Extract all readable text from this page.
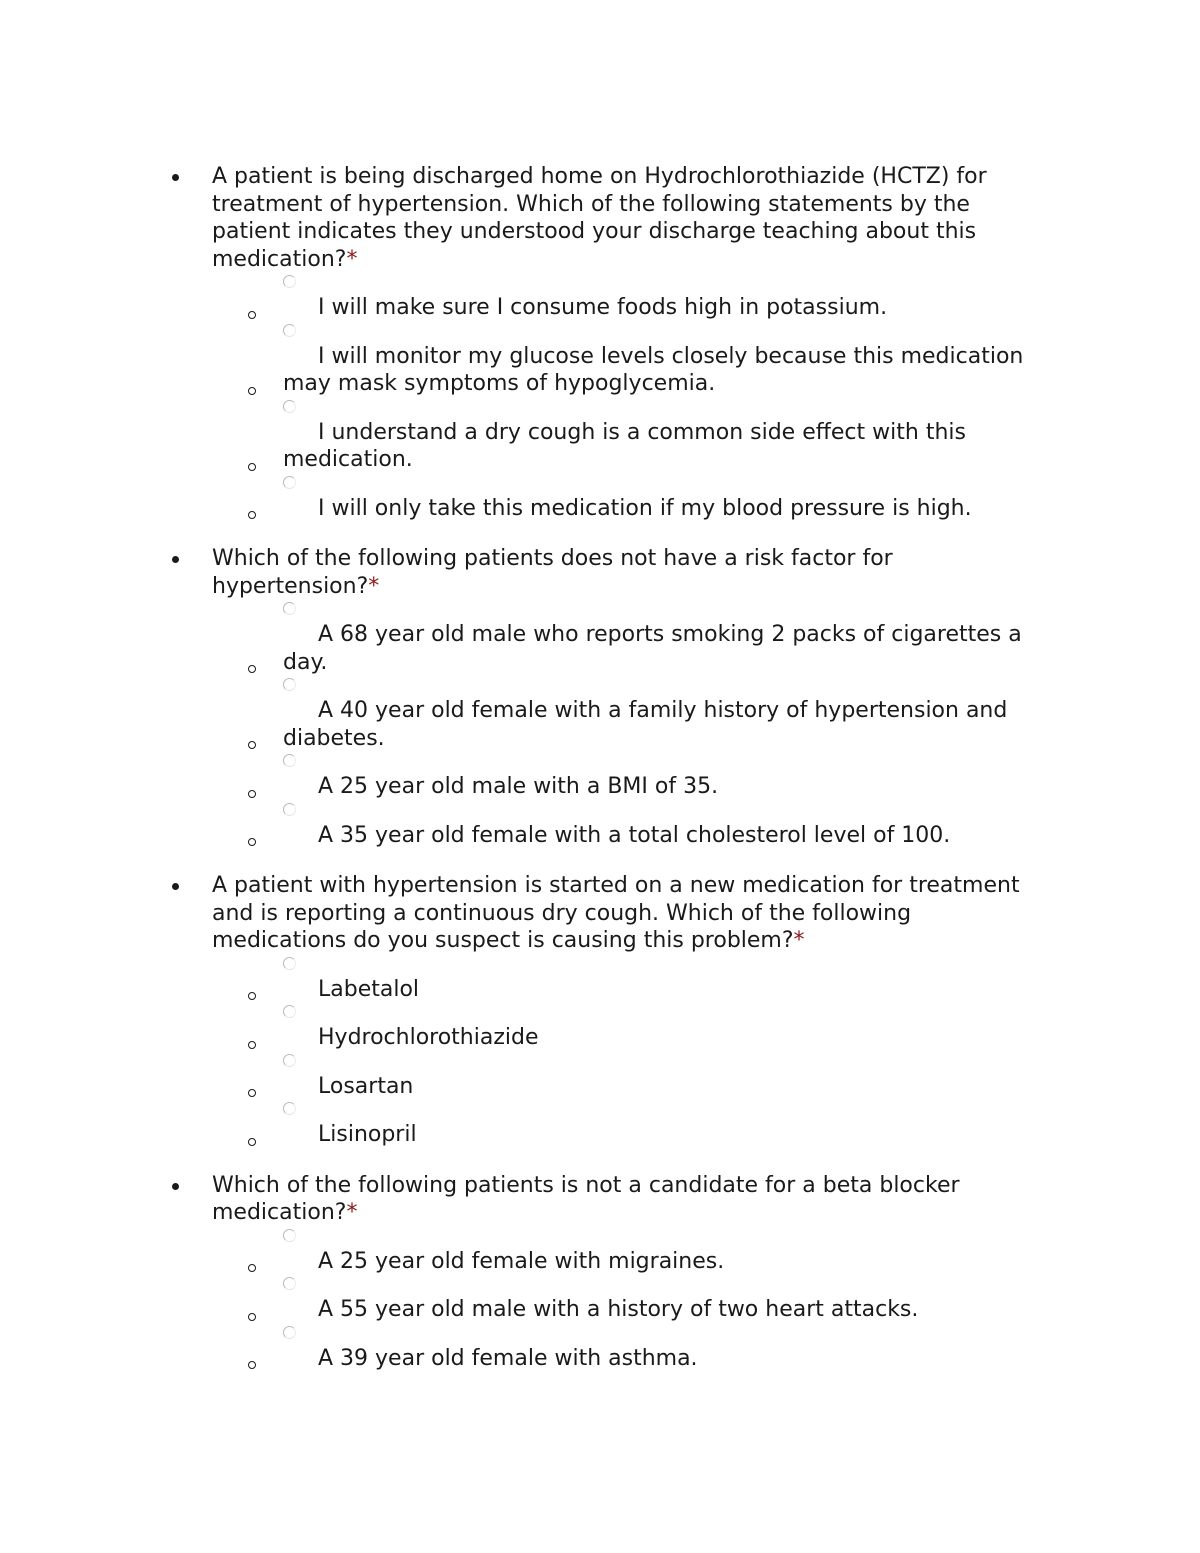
A patient is being discharged home on Hydrochlorothiazide (HCTZ) for treatment of hypertension. Which of the following statements by the patient indicates they understood your discharge teaching about this medication?*
I will make sure I consume foods high in potassium.
I will monitor my glucose levels closely because this medication may mask symptoms of hypoglycemia.
I understand a dry cough is a common side effect with this medication.
I will only take this medication if my blood pressure is high.
Which of the following patients does not have a risk factor for hypertension?*
A 68 year old male who reports smoking 2 packs of cigarettes a day.
A 40 year old female with a family history of hypertension and diabetes.
A 25 year old male with a BMI of 35.
A 35 year old female with a total cholesterol level of 100.
A patient with hypertension is started on a new medication for treatment and is reporting a continuous dry cough. Which of the following medications do you suspect is causing this problem?*
Labetalol
Hydrochlorothiazide
Losartan
Lisinopril
Which of the following patients is not a candidate for a beta blocker medication?*
A 25 year old female with migraines.
A 55 year old male with a history of two heart attacks.
A 39 year old female with asthma.
